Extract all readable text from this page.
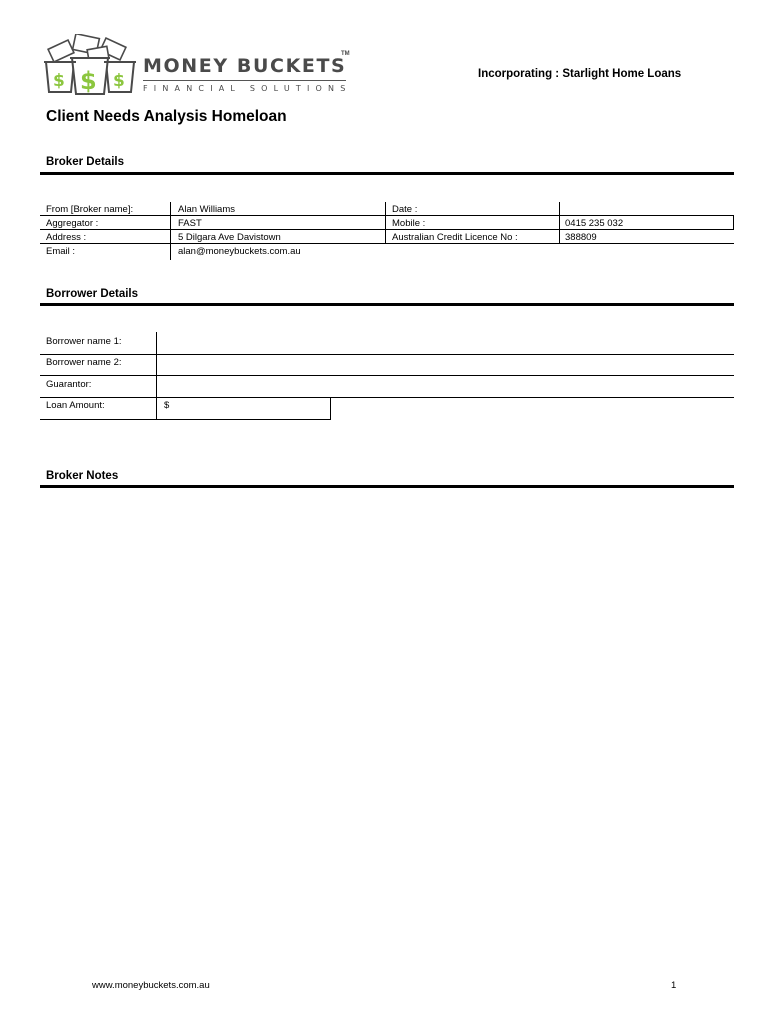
$ $ $
MONEY BUCKETS
TM
FINANCIAL SOLUTIONS
Incorporating : Starlight Home Loans
Client Needs Analysis Homeloan
Broker Details
From [Broker name]:	Alan Williams	Date :
Aggregator :	FAST	Mobile :	0415 235 032
Address :	5 Dilgara Ave Davistown	Australian Credit Licence No :	388809
Email :	alan@moneybuckets.com.au
Borrower Details
Borrower name 1:
Borrower name 2:
Guarantor:
Loan Amount:	$
Broker Notes
www.moneybuckets.com.au	1
